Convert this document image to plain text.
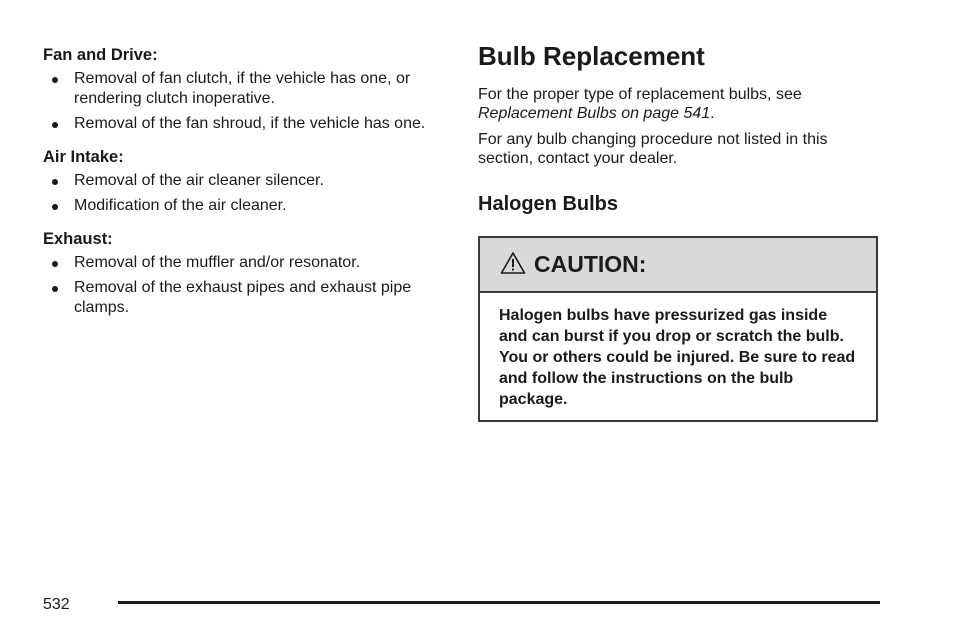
Fan and Drive:
Removal of fan clutch, if the vehicle has one, or rendering clutch inoperative.
Removal of the fan shroud, if the vehicle has one.
Air Intake:
Removal of the air cleaner silencer.
Modification of the air cleaner.
Exhaust:
Removal of the muffler and/or resonator.
Removal of the exhaust pipes and exhaust pipe clamps.
Bulb Replacement

For the proper type of replacement bulbs, see
Replacement Bulbs on page 541.

For any bulb changing procedure not listed in this section, contact your dealer.

Halogen Bulbs
CAUTION:
Halogen bulbs have pressurized gas inside and can burst if you drop or scratch the bulb. You or others could be injured. Be sure to read and follow the instructions on the bulb package.
532
